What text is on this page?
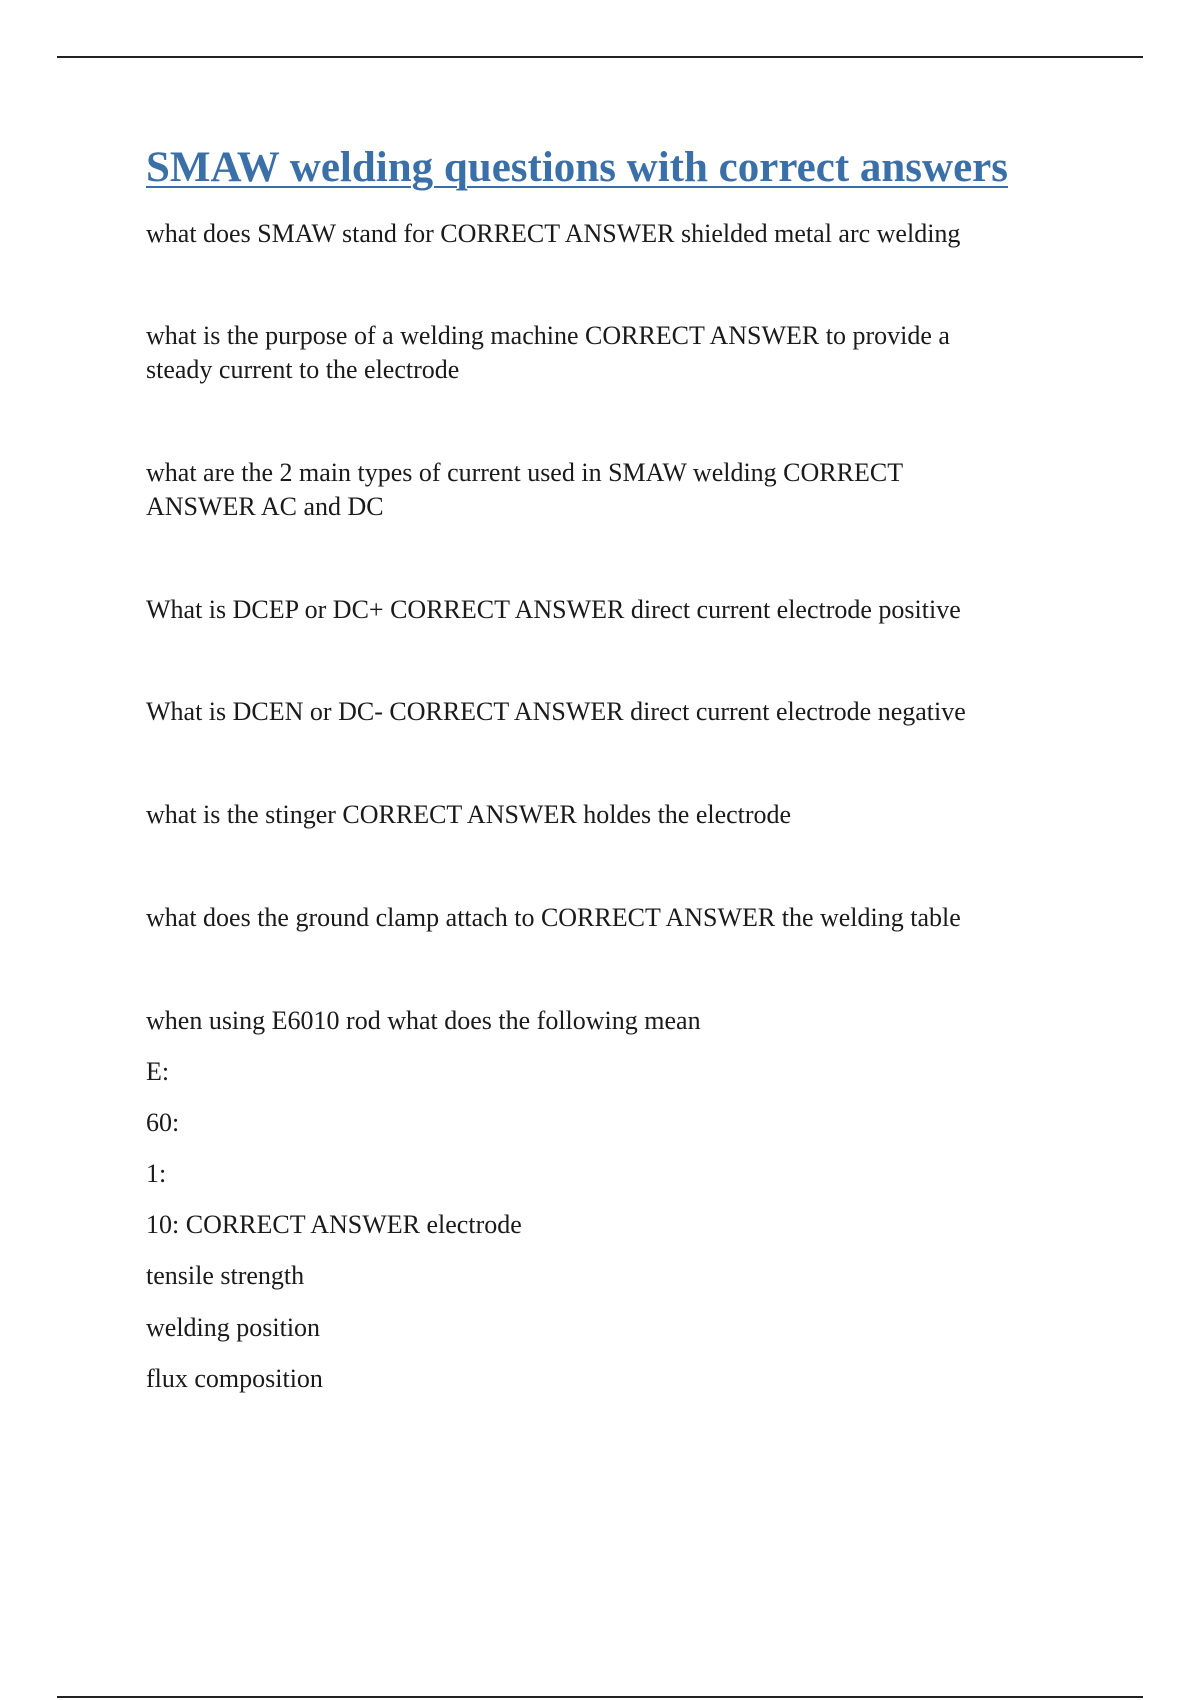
SMAW welding questions with correct answers

what does SMAW stand for CORRECT ANSWER shielded metal arc welding

what is the purpose of a welding machine CORRECT ANSWER to provide a
steady current to the electrode

what are the 2 main types of current used in SMAW welding CORRECT
ANSWER AC and DC

What is DCEP or DC+ CORRECT ANSWER direct current electrode positive

What is DCEN or DC- CORRECT ANSWER direct current electrode negative

what is the stinger CORRECT ANSWER holdes the electrode

what does the ground clamp attach to CORRECT ANSWER the welding table

when using E6010 rod what does the following mean

E:

60:

1:

10: CORRECT ANSWER electrode

tensile strength

welding position

flux composition
